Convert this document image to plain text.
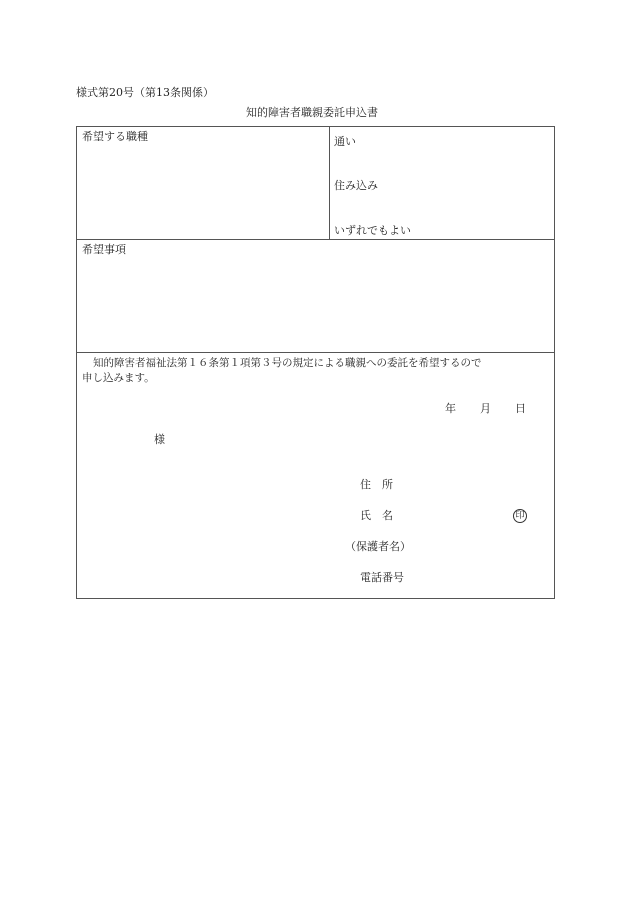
様式第20号（第13条関係）
知的障害者職親委託申込書
希望する職種	通い
住み込み
いずれでもよい
希望事項
知的障害者福祉法第１６条第１項第３号の規定による職親への委託を希望するので
申し込みます。
年 月 日
様
住　所
氏　名	印
（保護者名）
電話番号
